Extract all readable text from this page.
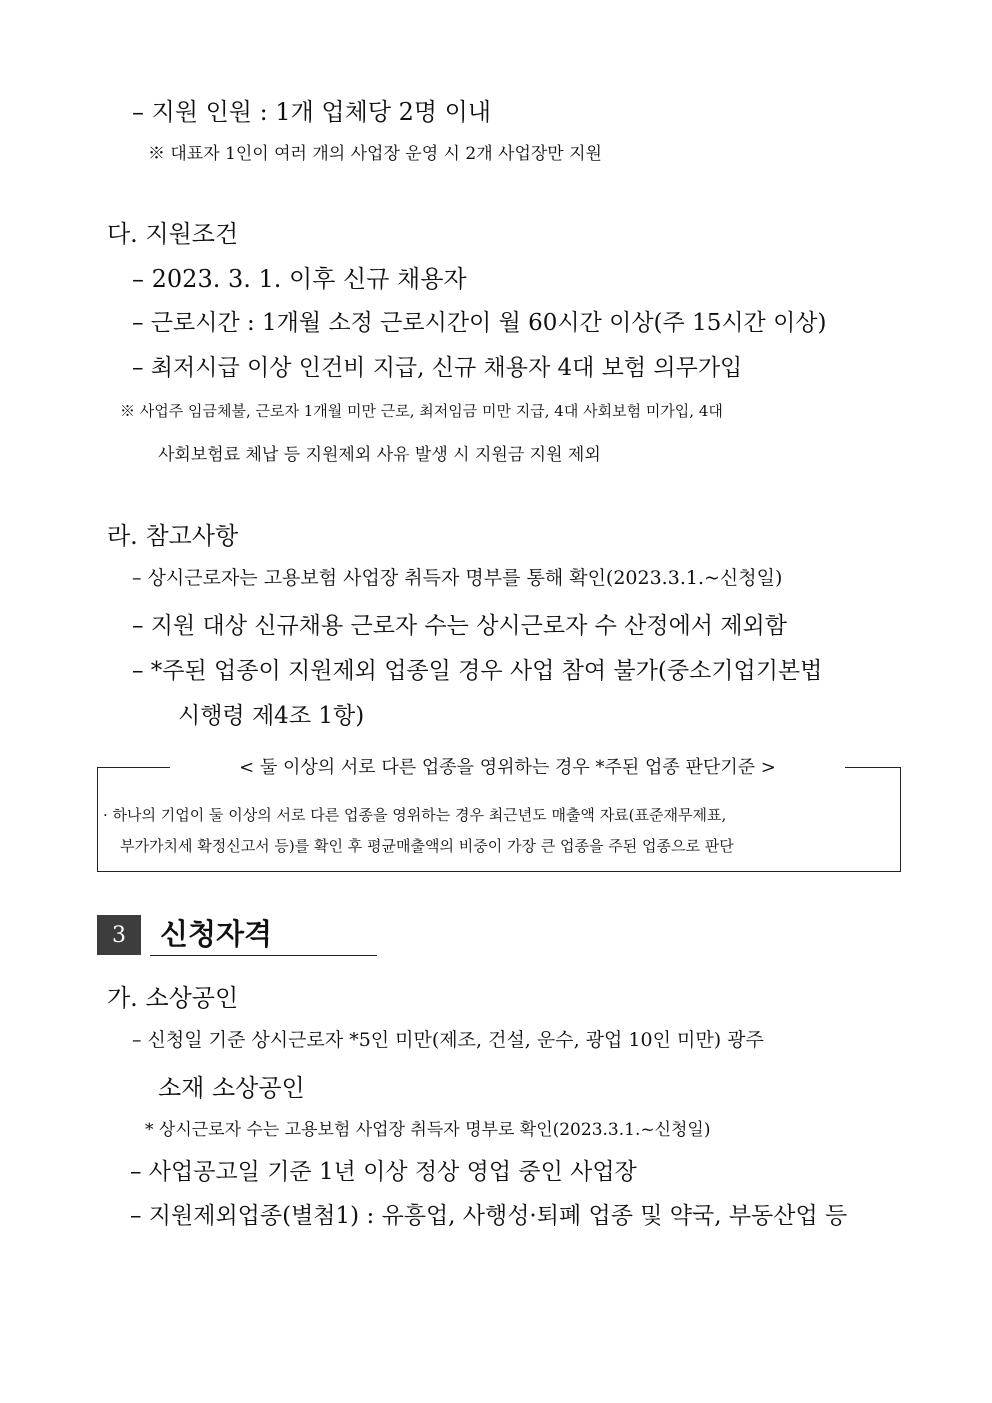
– 지원 인원 : 1개 업체당 2명 이내
※ 대표자 1인이 여러 개의 사업장 운영 시 2개 사업장만 지원
다. 지원조건
– 2023. 3. 1. 이후 신규 채용자
– 근로시간 : 1개월 소정 근로시간이 월 60시간 이상(주 15시간 이상)
– 최저시급 이상 인건비 지급, 신규 채용자 4대 보험 의무가입
※ 사업주 임금체불, 근로자 1개월 미만 근로, 최저임금 미만 지급, 4대 사회보험 미가입, 4대
사회보험료 체납 등 지원제외 사유 발생 시 지원금 지원 제외
라. 참고사항
– 상시근로자는 고용보험 사업장 취득자 명부를 통해 확인(2023.3.1.~신청일)
– 지원 대상 신규채용 근로자 수는 상시근로자 수 산정에서 제외함
– *주된 업종이 지원제외 업종일 경우 사업 참여 불가(중소기업기본법
시행령 제4조 1항)
< 둘 이상의 서로 다른 업종을 영위하는 경우 *주된 업종 판단기준 >
· 하나의 기업이 둘 이상의 서로 다른 업종을 영위하는 경우 최근년도 매출액 자료(표준재무제표,
부가가치세 확정신고서 등)를 확인 후 평균매출액의 비중이 가장 큰 업종을 주된 업종으로 판단
3	신청자격
가. 소상공인
– 신청일 기준 상시근로자 *5인 미만(제조, 건설, 운수, 광업 10인 미만) 광주
소재 소상공인
* 상시근로자 수는 고용보험 사업장 취득자 명부로 확인(2023.3.1.~신청일)
– 사업공고일 기준 1년 이상 정상 영업 중인 사업장
– 지원제외업종(별첨1) : 유흥업, 사행성·퇴폐 업종 및 약국, 부동산업 등
